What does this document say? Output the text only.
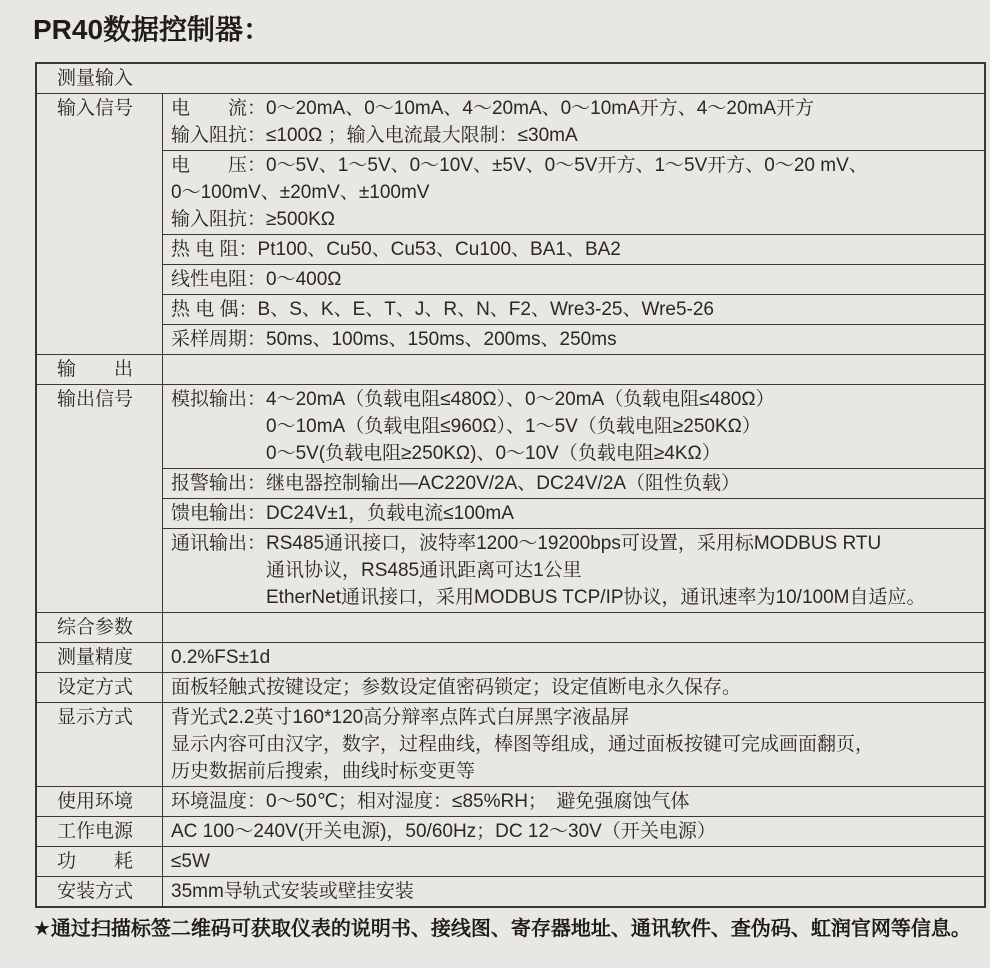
PR40数据控制器：
测量输入
输入信号	电　　流：0～20mA、0～10mA、4～20mA、0～10mA开方、4～20mA开方
输入阻抗：≤100Ω ；输入电流最大限制：≤30mA
电　　压：0～5V、1～5V、0～10V、±5V、0～5V开方、1～5V开方、0～20 mV、
0～100mV、±20mV、±100mV
输入阻抗：≥500KΩ
热 电 阻：Pt100、Cu50、Cu53、Cu100、BA1、BA2
线性电阻：0～400Ω
热 电 偶：B、S、K、E、T、J、R、N、F2、Wre3-25、Wre5-26
采样周期：50ms、100ms、150ms、200ms、250ms
输　　出
输出信号	模拟输出：4～20mA（负载电阻≤480Ω）、0～20mA（负载电阻≤480Ω）
0～10mA（负载电阻≤960Ω）、1～5V（负载电阻≥250KΩ）
0～5V(负载电阻≥250KΩ)、0～10V（负载电阻≥4KΩ）
报警输出：继电器控制输出—AC220V/2A、DC24V/2A（阻性负载）
馈电输出：DC24V±1，负载电流≤100mA
通讯输出：RS485通讯接口，波特率1200～19200bps可设置，采用标MODBUS RTU
通讯协议，RS485通讯距离可达1公里
EtherNet通讯接口，采用MODBUS TCP/IP协议，通讯速率为10/100M自适应。
综合参数
测量精度	0.2%FS±1d
设定方式	面板轻触式按键设定；参数设定值密码锁定；设定值断电永久保存。
显示方式	背光式2.2英寸160*120高分辩率点阵式白屏黑字液晶屏
显示内容可由汉字，数字，过程曲线，棒图等组成，通过面板按键可完成画面翻页，
历史数据前后搜索，曲线时标变更等
使用环境	环境温度：0～50℃；相对湿度：≤85%RH；　避免强腐蚀气体
工作电源	AC 100～240V(开关电源)，50/60Hz；DC 12～30V（开关电源）
功　　耗	≤5W
安装方式	35mm导轨式安装或壁挂安装
★通过扫描标签二维码可获取仪表的说明书、接线图、寄存器地址、通讯软件、查伪码、虹润官网等信息。
